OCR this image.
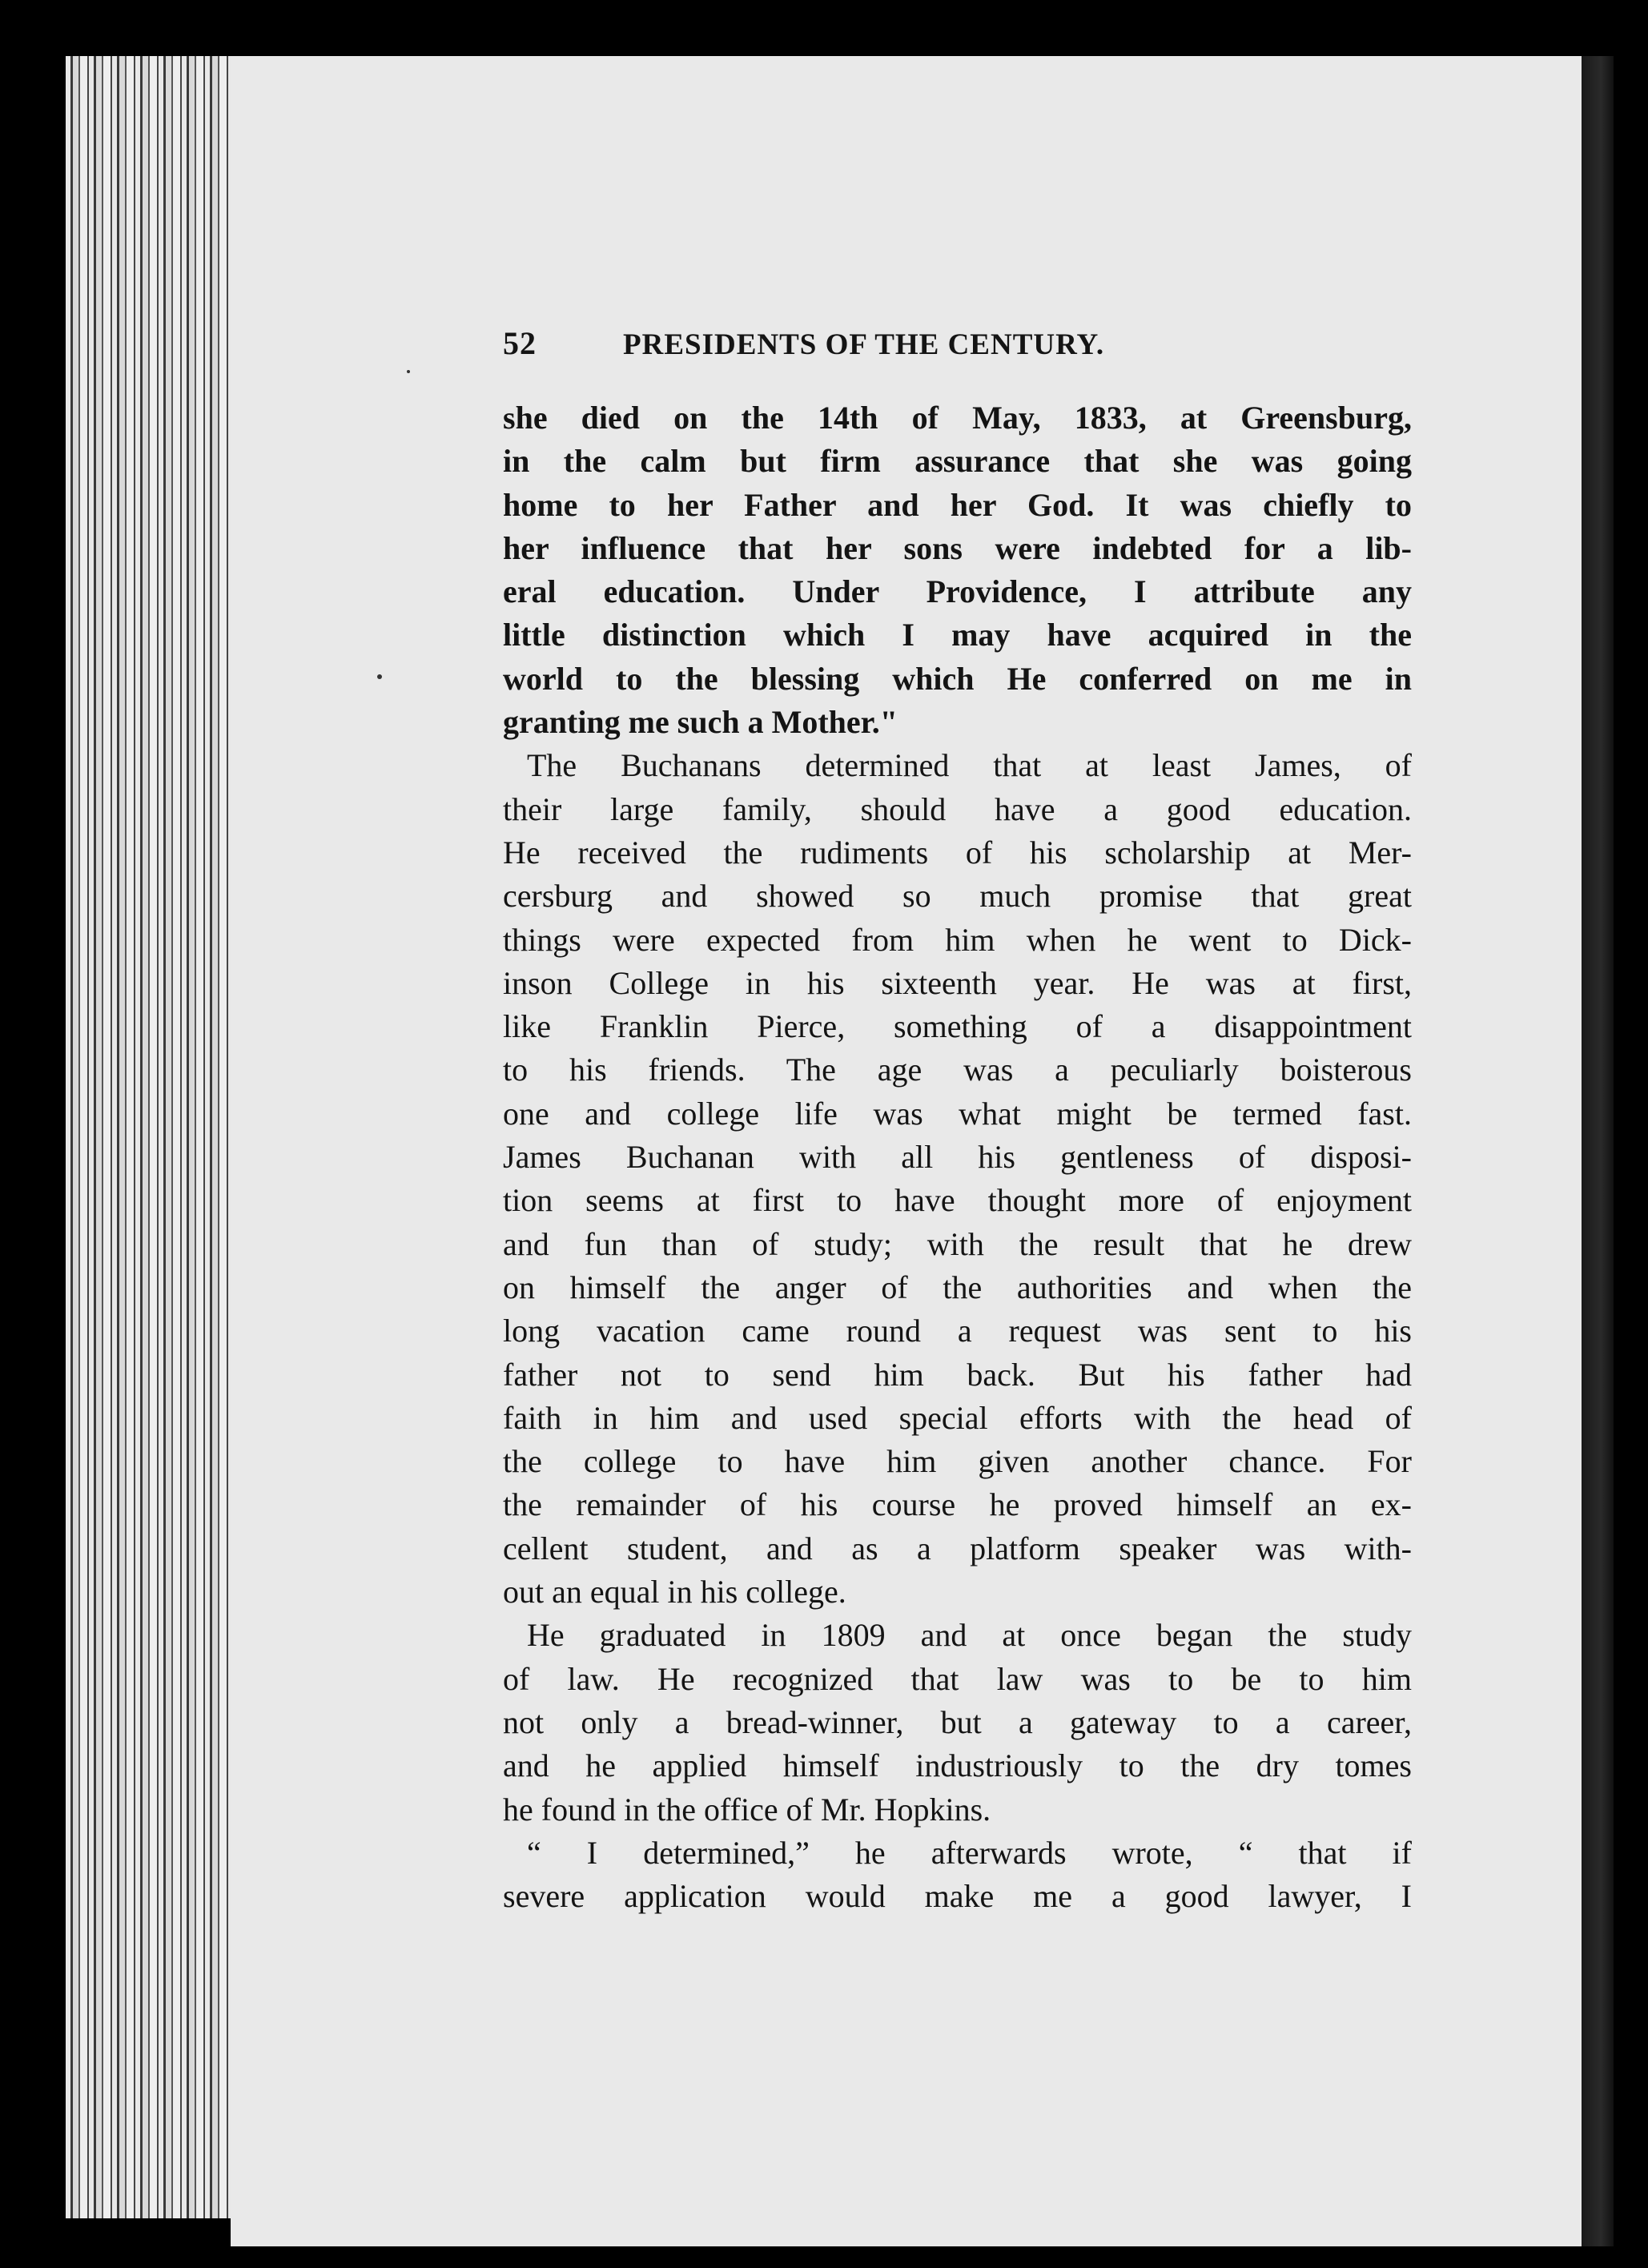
52	PRESIDENTS OF THE CENTURY.
she died on the 14th of May, 1833, at Greensburg,
in the calm but firm assurance that she was going
home to her Father and her God. It was chiefly to
her influence that her sons were indebted for a lib-
eral education. Under Providence, I attribute any
little distinction which I may have acquired in the
world to the blessing which He conferred on me in
granting me such a Mother."
The Buchanans determined that at least James, of
their large family, should have a good education.
He received the rudiments of his scholarship at Mer-
cersburg and showed so much promise that great
things were expected from him when he went to Dick-
inson College in his sixteenth year. He was at first,
like Franklin Pierce, something of a disappointment
to his friends. The age was a peculiarly boisterous
one and college life was what might be termed fast.
James Buchanan with all his gentleness of disposi-
tion seems at first to have thought more of enjoyment
and fun than of study; with the result that he drew
on himself the anger of the authorities and when the
long vacation came round a request was sent to his
father not to send him back. But his father had
faith in him and used special efforts with the head of
the college to have him given another chance. For
the remainder of his course he proved himself an ex-
cellent student, and as a platform speaker was with-
out an equal in his college.
He graduated in 1809 and at once began the study
of law. He recognized that law was to be to him
not only a bread-winner, but a gateway to a career,
and he applied himself industriously to the dry tomes
he found in the office of Mr. Hopkins.
“ I determined,” he afterwards wrote, “ that if
severe application would make me a good lawyer, I
